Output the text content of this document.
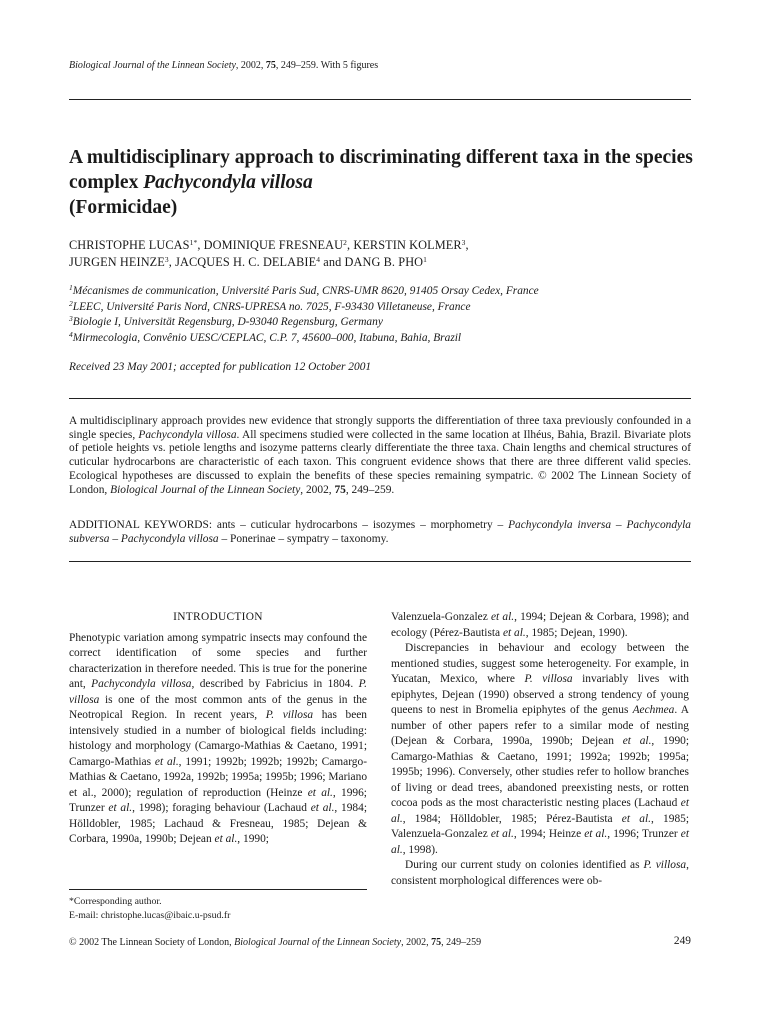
Biological Journal of the Linnean Society, 2002, 75, 249–259. With 5 figures
A multidisciplinary approach to discriminating different taxa in the species complex Pachycondyla villosa
(Formicidae)
CHRISTOPHE $LUCAS^{1*}$, DOMINIQUE FRESNEAU$^2$, KERSTIN KOLMER$^3$,
JURGEN HEINZE$^3$, JACQUES H. C. DELABIE$^4$ and DANG B. PHO$^1$
$^1$Mécanismes de communication, Université Paris Sud, CNRS-UMR 8620, 91405 Orsay Cedex, France
$^2$LEEC, Université Paris Nord, CNRS-UPRESA no. 7025, F-93430 Villetaneuse, France
$^3$Biologie I, Universität Regensburg, D-93040 Regensburg, Germany
$^4$Mirmecologia, Convênio UESC/CEPLAC, C.P. 7, 45600–000, Itabuna, Bahia, Brazil
Received 23 May 2001; accepted for publication 12 October 2001
A multidisciplinary approach provides new evidence that strongly supports the differentiation of three taxa previously confounded in a single species, Pachycondyla villosa. All specimens studied were collected in the same location at Ilhéus, Bahia, Brazil. Bivariate plots of petiole heights vs. petiole lengths and isozyme patterns clearly differentiate the three taxa. Chain lengths and chemical structures of cuticular hydrocarbons are characteristic of each taxon. This congruent evidence shows that there are three different valid species. Ecological hypotheses are discussed to explain the benefits of these species remaining sympatric. © 2002 The Linnean Society of London, Biological Journal of the Linnean Society, 2002, 75, 249–259.
ADDITIONAL KEYWORDS: ants – cuticular hydrocarbons – isozymes – morphometry – Pachycondyla inversa – Pachycondyla subversa – Pachycondyla villosa – Ponerinae – sympatry – taxonomy.
INTRODUCTION

Phenotypic variation among sympatric insects may confound the correct identification of some species and further characterization in therefore needed. This is true for the ponerine ant, Pachycondyla villosa, described by Fabricius in 1804. P. villosa is one of the most common ants of the genus in the Neotropical Region. In recent years, P. villosa has been intensively studied in a number of biological fields including: histology and morphology (Camargo-Mathias & Caetano, 1991; Camargo-Mathias et al., 1991; 1992b; 1992b; 1992b; Camargo-Mathias & Caetano, 1992a, 1992b; 1995a; 1995b; 1996; Mariano et al., 2000); regulation of reproduction (Heinze et al., 1996; Trunzer et al., 1998); foraging behaviour (Lachaud et al., 1984; Hölldobler, 1985; Lachaud & Fresneau, 1985; Dejean & Corbara, 1990a, 1990b; Dejean et al., 1990;

Valenzuela-Gonzalez et al., 1994; Dejean & Corbara, 1998); and ecology (Pérez-Bautista et al., 1985; Dejean, 1990).

Discrepancies in behaviour and ecology between the mentioned studies, suggest some heterogeneity. For example, in Yucatan, Mexico, where P. villosa invariably lives with epiphytes, Dejean (1990) observed a strong tendency of young queens to nest in Bromelia epiphytes of the genus Aechmea. A number of other papers refer to a similar mode of nesting (Dejean & Corbara, 1990a, 1990b; Dejean et al., 1990; Camargo-Mathias & Caetano, 1991; 1992a; 1992b; 1995a; 1995b; 1996). Conversely, other studies refer to hollow branches of living or dead trees, abandoned preexisting nests, or rotten cocoa pods as the most characteristic nesting places (Lachaud et al., 1984; Hölldobler, 1985; Pérez-Bautista et al., 1985; Valenzuela-Gonzalez et al., 1994; Heinze et al., 1996; Trunzer et al., 1998).

During our current study on colonies identified as P. villosa, consistent morphological differences were ob-

*Corresponding author.
E-mail: christophe.lucas@ibaic.u-psud.fr
© 2002 The Linnean Society of London, Biological Journal of the Linnean Society, 2002, 75, 249–259	249
